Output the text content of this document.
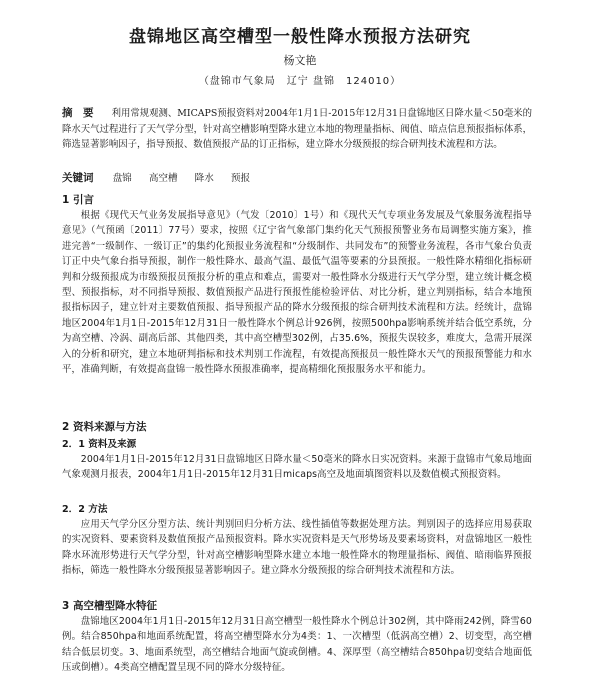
盘锦地区高空槽型一般性降水预报方法研究
杨文艳
（盘锦市气象局　辽宁 盘锦　124010）
摘　要 利用常规观测、MICAPS预报资料对2004年1月1日-2015年12月31日盘锦地区日降水量＜50毫米的降水天气过程进行了天气学分型，针对高空槽影响型降水建立本地的物理量指标、阀值、暗点信息预报指标体系，筛选显著影响因子，指导预报、数值预报产品的订正指标，建立降水分级预报的综合研判技术流程和方法。
关键词 盘锦 高空槽 降水 预报
1 引言
根据《现代天气业务发展指导意见》（气发〔2010〕1号）和《现代天气专项业务发展及气象服务流程指导意见》（气预函〔2011〕77号）要求，按照《辽宁省气象部门集约化天气预报预警业务布局调整实施方案》，推进完善“一级制作、一级订正”的集约化预报业务流程和“分级制作、共同发布”的预警业务流程，各市气象台负责订正中央气象台指导预报，制作一般性降水、最高气温、最低气温等要素的分县预报。一般性降水精细化指标研判和分级预报成为市级预报员预报分析的重点和难点，需要对一般性降水分级进行天气学分型，建立统计概念模型、预报指标，对不同指导预报、数值预报产品进行预报性能检验评估、对比分析，建立判别指标，结合本地预报指标因子，建立针对主要数值预报、指导预报产品的降水分级预报的综合研判技术流程和方法。经统计，盘锦地区2004年1月1日-2015年12月31日一般性降水个例总计926例，按照500hpa影响系统并结合低空系统，分为高空槽、冷涡、副高后部、其他四类，其中高空槽型302例，占35.6%，预报失误较多，难度大，急需开展深入的分析和研究，建立本地研判指标和技术判别工作流程，有效提高预报员一般性降水天气的预报预警能力和水平，准确判断，有效提高盘锦一般性降水预报准确率，提高精细化预报服务水平和能力。
2 资料来源与方法
2．1 资料及来源
2004年1月1日-2015年12月31日盘锦地区日降水量＜50毫米的降水日实况资料。来源于盘锦市气象局地面气象观测月报表，2004年1月1日-2015年12月31日micaps高空及地面填图资料以及数值模式预报资料。
2．2 方法
应用天气学分区分型方法、统计判别回归分析方法、线性插值等数据处理方法。判别因子的选择应用易获取的实况资料、要素资料及数值预报产品预报资料。降水实况资料是天气形势场及要素场资料，对盘锦地区一般性降水环流形势进行天气学分型，针对高空槽影响型降水建立本地一般性降水的物理量指标、阀值、暗雨临界预报指标，筛选一般性降水分级预报显著影响因子。建立降水分级预报的综合研判技术流程和方法。
3 高空槽型降水特征
盘锦地区2004年1月1日-2015年12月31日高空槽型一般性降水个例总计302例，其中降雨242例，降雪60例。结合850hpa和地面系统配置，将高空槽型降水分为4类：1、一次槽型（低涡高空槽）2、切变型，高空槽结合低层切变。3、地面系统型，高空槽结合地面气旋或倒槽。4、深厚型（高空槽结合850hpa切变结合地面低压或倒槽）。4类高空槽配置呈现不同的降水分级特征。
